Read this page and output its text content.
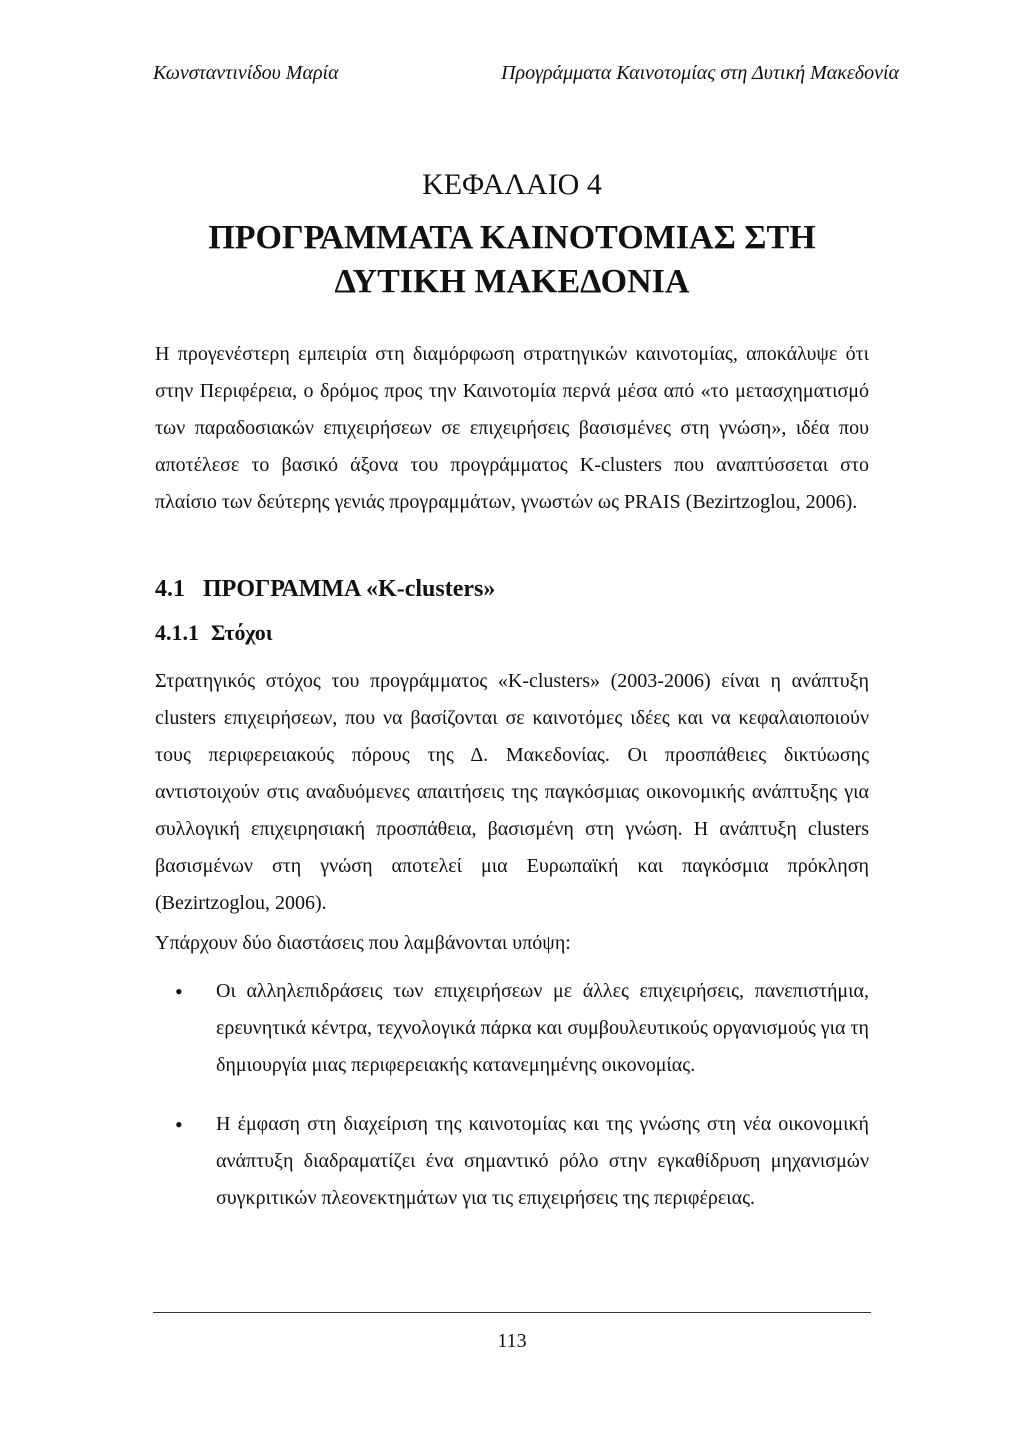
Κωνσταντινίδου Μαρία	Προγράμματα Καινοτομίας στη Δυτική Μακεδονία
ΚΕΦΑΛΑΙΟ 4
ΠΡΟΓΡΑΜΜΑΤΑ ΚΑΙΝΟΤΟΜΙΑΣ ΣΤΗ ΔΥΤΙΚΗ ΜΑΚΕΔΟΝΙΑ
Η προγενέστερη εμπειρία στη διαμόρφωση στρατηγικών καινοτομίας, αποκάλυψε ότι στην Περιφέρεια, ο δρόμος προς την Καινοτομία περνά μέσα από «το μετασχηματισμό των παραδοσιακών επιχειρήσεων σε επιχειρήσεις βασισμένες στη γνώση», ιδέα που αποτέλεσε το βασικό άξονα του προγράμματος K-clusters που αναπτύσσεται στο πλαίσιο των δεύτερης γενιάς προγραμμάτων, γνωστών ως PRAIS (Bezirtzoglou, 2006).
4.1 ΠΡΟΓΡΑΜΜΑ «K-clusters»
4.1.1 Στόχοι
Στρατηγικός στόχος του προγράμματος «K-clusters» (2003-2006) είναι η ανάπτυξη clusters επιχειρήσεων, που να βασίζονται σε καινοτόμες ιδέες και να κεφαλαιοποιούν τους περιφερειακούς πόρους της Δ. Μακεδονίας. Οι προσπάθειες δικτύωσης αντιστοιχούν στις αναδυόμενες απαιτήσεις της παγκόσμιας οικονομικής ανάπτυξης για συλλογική επιχειρησιακή προσπάθεια, βασισμένη στη γνώση. Η ανάπτυξη clusters βασισμένων στη γνώση αποτελεί μια Ευρωπαϊκή και παγκόσμια πρόκληση (Bezirtzoglou, 2006).
Υπάρχουν δύο διαστάσεις που λαμβάνονται υπόψη:
• Οι αλληλεπιδράσεις των επιχειρήσεων με άλλες επιχειρήσεις, πανεπιστήμια, ερευνητικά κέντρα, τεχνολογικά πάρκα και συμβουλευτικούς οργανισμούς για τη δημιουργία μιας περιφερειακής κατανεμημένης οικονομίας.
• Η έμφαση στη διαχείριση της καινοτομίας και της γνώσης στη νέα οικονομική ανάπτυξη διαδραματίζει ένα σημαντικό ρόλο στην εγκαθίδρυση μηχανισμών συγκριτικών πλεονεκτημάτων για τις επιχειρήσεις της περιφέρειας.
113
